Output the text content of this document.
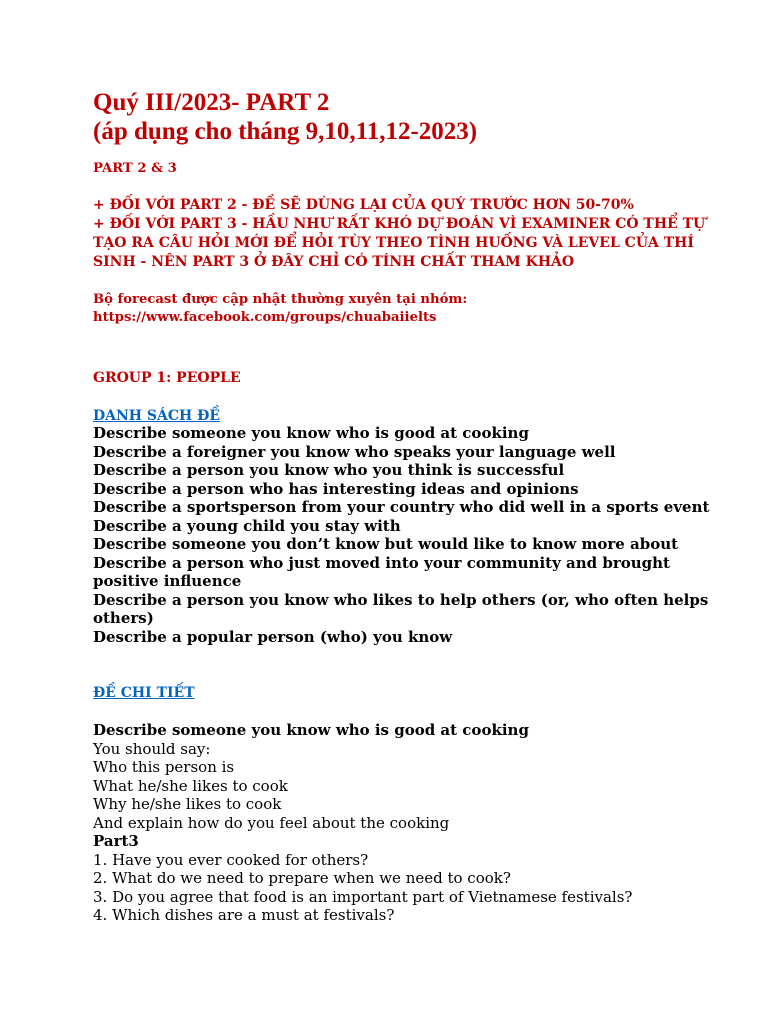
Quý III/2023- PART 2
(áp dụng cho tháng 9,10,11,12-2023)
PART 2 & 3
+ ĐỐI VỚI PART 2 - ĐỀ SẼ DÙNG LẠI CỦA QUÝ TRƯỚC HƠN 50-70%
+ ĐỐI VỚI PART 3 - HẦU NHƯ RẤT KHÓ DỰ ĐOÁN VÌ EXAMINER CÓ THỂ TỰ
TẠO RA CÂU HỎI MỚI ĐỂ HỎI TÙY THEO TÌNH HUỐNG VÀ LEVEL CỦA THÍ
SINH - NÊN PART 3 Ở ĐÂY CHỈ CÓ TÍNH CHẤT THAM KHẢO
Bộ forecast được cập nhật thường xuyên tại nhóm:
https://www.facebook.com/groups/chuabaiielts
GROUP 1: PEOPLE
DANH SÁCH ĐỀ
Describe someone you know who is good at cooking
Describe a foreigner you know who speaks your language well
Describe a person you know who you think is successful
Describe a person who has interesting ideas and opinions
Describe a sportsperson from your country who did well in a sports event
Describe a young child you stay with
Describe someone you don’t know but would like to know more about
Describe a person who just moved into your community and brought
positive influence
Describe a person you know who likes to help others (or, who often helps
others)
Describe a popular person (who) you know
ĐỀ CHI TIẾT
Describe someone you know who is good at cooking
You should say:
Who this person is
What he/she likes to cook
Why he/she likes to cook
And explain how do you feel about the cooking
Part3
1. Have you ever cooked for others?
2. What do we need to prepare when we need to cook?
3. Do you agree that food is an important part of Vietnamese festivals?
4. Which dishes are a must at festivals?
